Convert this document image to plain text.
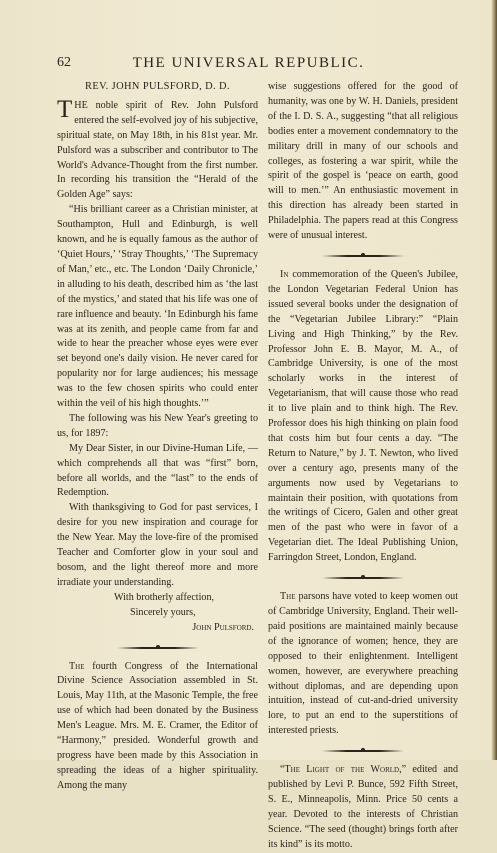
62	THE UNIVERSAL REPUBLIC.
REV. JOHN PULSFORD, D. D.

THE noble spirit of Rev. John Pulsford entered the self-evolved joy of his subjective, spiritual state, on May 18th, in his 81st year. Mr. Pulsford was a subscriber and contributor to The World's Advance-Thought from the first number. In recording his transition the “Herald of the Golden Age” says:

“His brilliant career as a Christian minister, at Southampton, Hull and Edinburgh, is well known, and he is equally famous as the author of ‘Quiet Hours,’ ‘Stray Thoughts,’ ‘The Supremacy of Man,’ etc., etc. The London ‘Daily Chronicle,’ in alluding to his death, described him as ‘the last of the mystics,’ and stated that his life was one of rare influence and beauty. ‘In Edinburgh his fame was at its zenith, and people came from far and wide to hear the preacher whose eyes were ever set beyond one's daily vision. He never cared for popularity nor for large audiences; his message was to the few chosen spirits who could enter within the veil of his high thoughts.’”

The following was his New Year's greeting to us, for 1897:

My Dear Sister, in our Divine-Human Life, —which comprehends all that was “first” born, before all worlds, and the “last” to the ends of Redemption.

With thanksgiving to God for past services, I desire for you new inspiration and courage for the New Year. May the love-fire of the promised Teacher and Comforter glow in your soul and bosom, and the light thereof more and more irradiate your understanding.

With brotherly affection,

Sincerely yours,

John Pulsford.

The fourth Congress of the International Divine Science Association assembled in St. Louis, May 11th, at the Masonic Temple, the free use of which had been donated by the Business Men's League. Mrs. M. E. Cramer, the Editor of “Harmony,” presided. Wonderful growth and progress have been made by this Association in spreading the ideas of a higher spirituality. Among the many

wise suggestions offered for the good of humanity, was one by W. H. Daniels, president of the I. D. S. A., suggesting “that all religious bodies enter a movement condemnatory to the military drill in many of our schools and colleges, as fostering a war spirit, while the spirit of the gospel is ‘peace on earth, good will to men.’” An enthusiastic movement in this direction has already been started in Philadelphia. The papers read at this Congress were of unusual interest.

In commemoration of the Queen's Jubilee, the London Vegetarian Federal Union has issued several books under the designation of the “Vegetarian Jubilee Library:” “Plain Living and High Thinking,” by the Rev. Professor John E. B. Mayor, M. A., of Cambridge University, is one of the most scholarly works in the interest of Vegetarianism, that will cause those who read it to live plain and to think high. The Rev. Professor does his high thinking on plain food that costs him but four cents a day. “The Return to Nature,” by J. T. Newton, who lived over a century ago, presents many of the arguments now used by Vegetarians to maintain their position, with quotations from the writings of Cicero, Galen and other great men of the past who were in favor of a Vegetarian diet. The Ideal Publishing Union, Farringdon Street, London, England.

The parsons have voted to keep women out of Cambridge University, England. Their well-paid positions are maintained mainly because of the ignorance of women; hence, they are opposed to their enlightenment. Intelligent women, however, are everywhere preaching without diplomas, and are depending upon intuition, instead of cut-and-dried university lore, to put an end to the superstitions of interested priests.

“The Light of the World,” edited and published by Levi P. Bunce, 592 Fifth Street, S. E., Minneapolis, Minn. Price 50 cents a year. Devoted to the interests of Christian Science. “The seed (thought) brings forth after its kind” is its motto.
